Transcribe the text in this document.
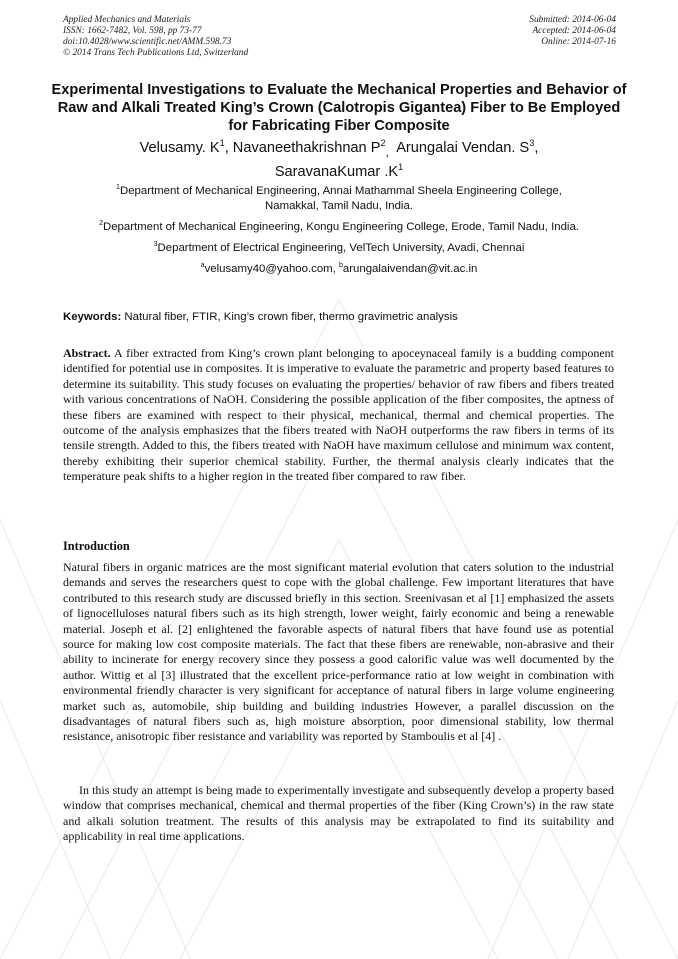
Applied Mechanics and Materials
ISSN: 1662-7482, Vol. 598, pp 73-77
doi:10.4028/www.scientific.net/AMM.598.73
© 2014 Trans Tech Publications Ltd, Switzerland
Submitted: 2014-06-04
Accepted: 2014-06-04
Online: 2014-07-16
Experimental Investigations to Evaluate the Mechanical Properties and Behavior of Raw and Alkali Treated King’s Crown (Calotropis Gigantea) Fiber to Be Employed for Fabricating Fiber Composite
Velusamy. $K^1$, Navaneethakrishnan $P^2_,$  Arungalai Vendan. $S^3$,
SaravanaKumar $.K^1$
$^1$Department of Mechanical Engineering, Annai Mathammal Sheela Engineering College,
Namakkal, Tamil Nadu, India.
$^2$Department of Mechanical Engineering, Kongu Engineering College, Erode, Tamil Nadu, India.
$^3$Department of Electrical Engineering, VelTech University, Avadi, Chennai
$^a$velusamy40@yahoo.com, $^b$arungalaivendan@vit.ac.in
Keywords: Natural fiber, FTIR, King’s crown fiber, thermo gravimetric analysis

Abstract. A fiber extracted from King’s crown plant belonging to apoceynaceal family is a budding component identified for potential use in composites. It is imperative to evaluate the parametric and property based features to determine its suitability. This study focuses on evaluating the properties/ behavior of raw fibers and fibers treated with various concentrations of NaOH. Considering the possible application of the fiber composites, the aptness of these fibers are examined with respect to their physical, mechanical, thermal and chemical properties. The outcome of the analysis emphasizes that the fibers treated with NaOH outperforms the raw fibers in terms of its tensile strength. Added to this, the fibers treated with NaOH have maximum cellulose and minimum wax content, thereby exhibiting their superior chemical stability. Further, the thermal analysis clearly indicates that the temperature peak shifts to a higher region in the treated fiber compared to raw fiber.

Introduction

Natural fibers in organic matrices are the most significant material evolution that caters solution to the industrial demands and serves the researchers quest to cope with the global challenge. Few important literatures that have contributed to this research study are discussed briefly in this section. Sreenivasan et al [1] emphasized the assets of lignocelluloses natural fibers such as its high strength, lower weight, fairly economic and being a renewable material. Joseph et al. [2] enlightened the favorable aspects of natural fibers that have found use as potential source for making low cost composite materials. The fact that these fibers are renewable, non-abrasive and their ability to incinerate for energy recovery since they possess a good calorific value was well documented by the author. Wittig et al [3] illustrated that the excellent price-performance ratio at low weight in combination with environmental friendly character is very significant for acceptance of natural fibers in large volume engineering market such as, automobile, ship building and building industries However, a parallel discussion on the disadvantages of natural fibers such as, high moisture absorption, poor dimensional stability, low thermal resistance, anisotropic fiber resistance and variability was reported by Stamboulis et al [4] .

In this study an attempt is being made to experimentally investigate and subsequently develop a property based window that comprises mechanical, chemical and thermal properties of the fiber (King Crown’s) in the raw state and alkali solution treatment. The results of this analysis may be extrapolated to find its suitability and applicability in real time applications.
